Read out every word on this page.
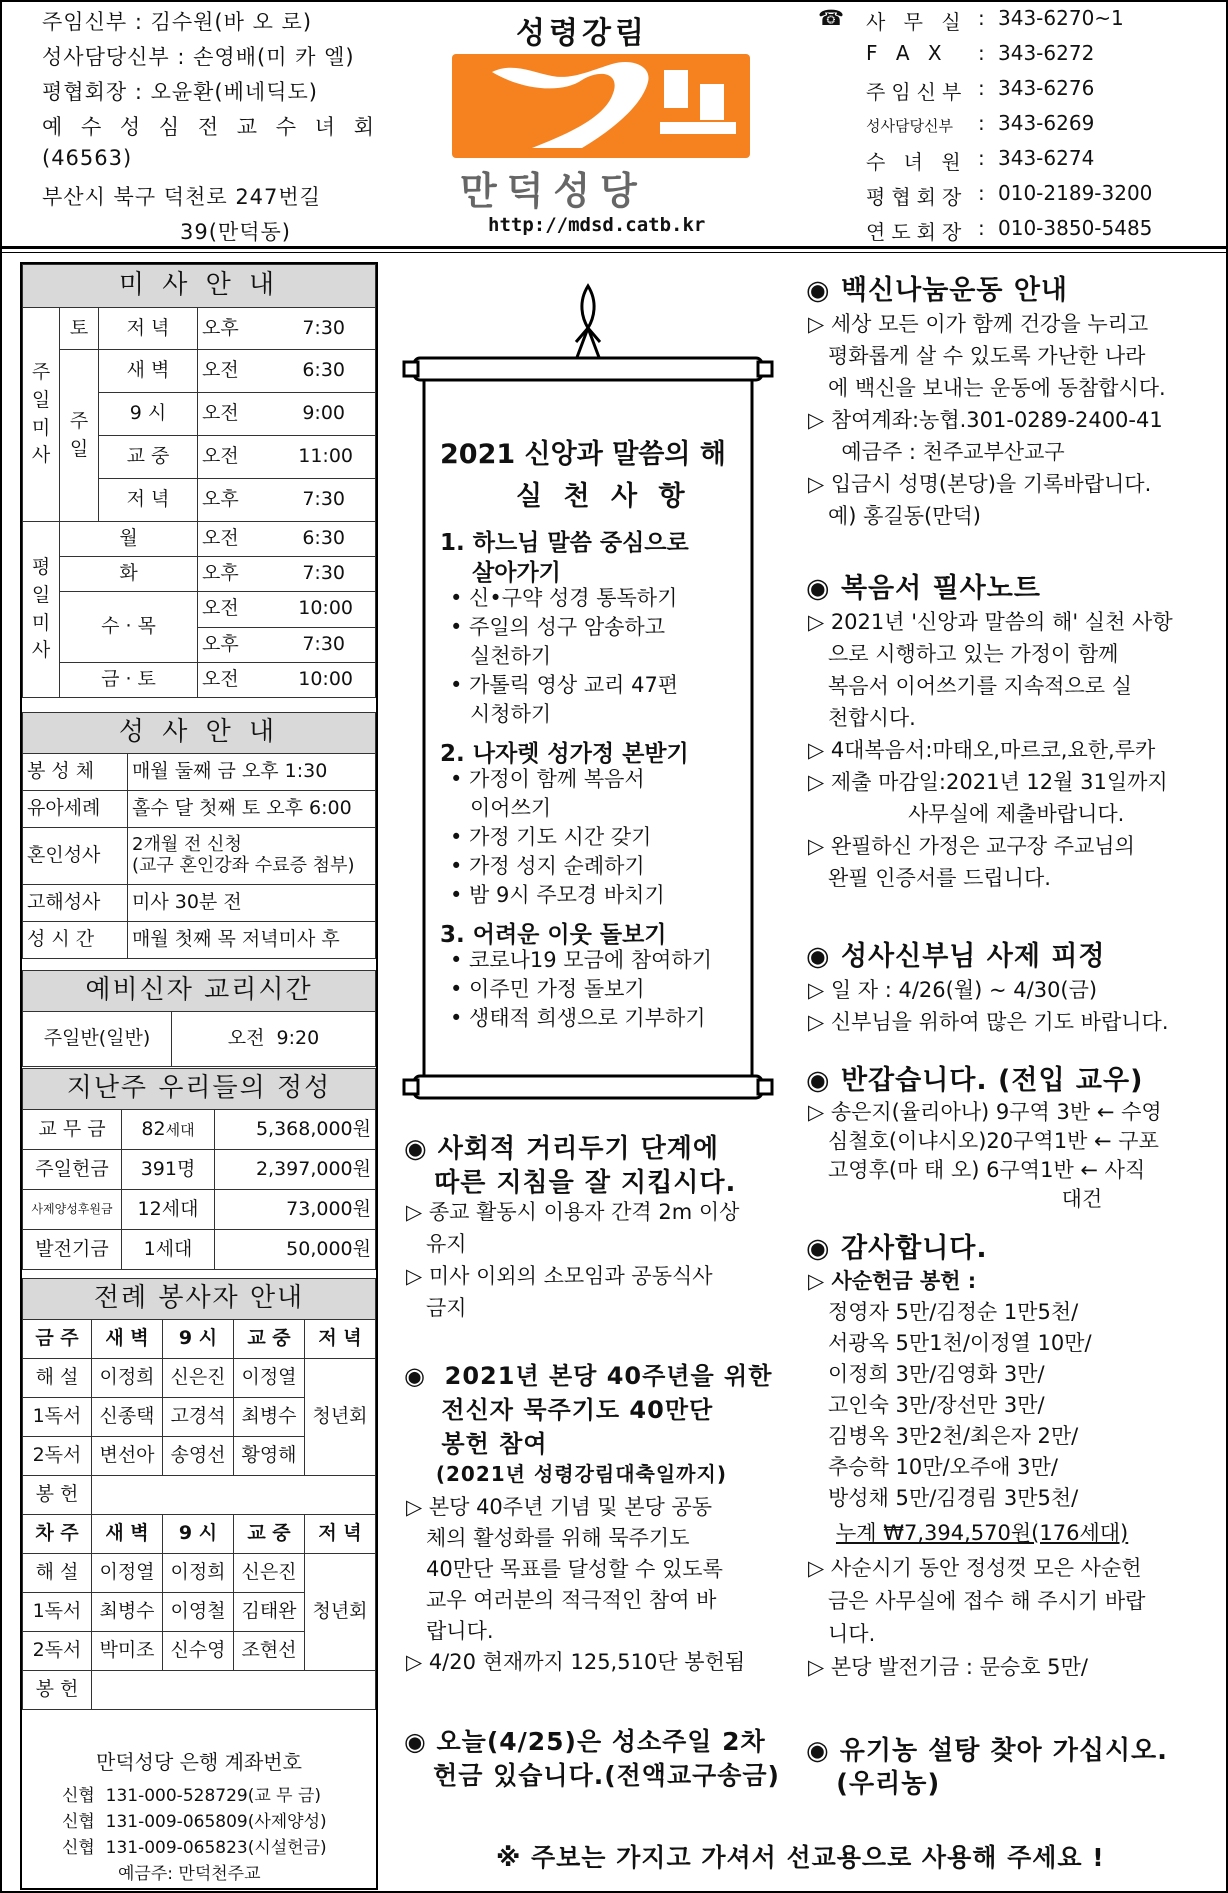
주임신부 : 김수원(바 오 로)
성사담당신부 : 손영배(미 카 엘)
평협회장 : 오윤환(베네딕도)
예 수 성 심 전 교 수 녀 회
(46563)
부산시 북구 덕천로 247번길
39(만덕동)
성령강림
만덕성당
http://mdsd.catb.kr
☎ 사 무 실 : 343-6270~1
F A X : 343-6272
주임신부 : 343-6276
성사담당신부 : 343-6269
수 녀 원 : 343-6274
평협회장 : 010-2189-3200
연도회장 : 010-3850-5485
미 사 안 내			

주일미사	토	저 녁	오후 7:30

	주일	새 벽	오전 6:30

		9 시	오전 9:00

		교 중	오전 11:00

		저 녁	오후 7:30

평일미사	월		오전 6:30

	화		오후 7:30

	수 · 목		오전 10:00

			오후 7:30

	금 · 토		오전 10:00
성 사 안 내	
봉 성 체	매월 둘째 금 오후 1:30
유아세례	홀수 달 첫째 토 오후 6:00
혼인성사	2개월 전 신청
(교구 혼인강좌 수료증 첨부)
고해성사	미사 30분 전
성 시 간	매월 첫째 목 저녁미사 후
예비신자 교리시간
주일반(일반)	오전  9:20
지난주 우리들의 정성		
교 무 금	82세대	5,368,000원
주일헌금	391명	2,397,000원
사제양성후원금	12세대	73,000원
발전기금	1세대	50,000원
전례 봉사자 안내				
금 주	새 벽	9 시	교 중	저 녁
해 설	이정희	신은진	이정열	청년회
1독서	신종택	고경석	최병수	
2독서	변선아	송영선	황영해	
봉 헌				
차 주	새 벽	9 시	교 중	저 녁
해 설	이정열	이정희	신은진	청년회
1독서	최병수	이영철	김태완	
2독서	박미조	신수영	조현선	
봉 헌				
만덕성당 은행 계좌번호
신협  131-000-528729(교 무 금)
신협  131-009-065809(사제양성)
신협  131-009-065823(시설헌금)
예금주: 만덕천주교
2021 신앙과 말씀의 해
실 천 사 항
1. 하느님 말씀 중심으로
살아가기
• 신•구약 성경 통독하기
• 주일의 성구 암송하고
실천하기
• 가톨릭 영상 교리 47편
시청하기
2. 나자렛 성가정 본받기
• 가정이 함께 복음서
이어쓰기
• 가정 기도 시간 갖기
• 가정 성지 순례하기
• 밤 9시 주모경 바치기
3. 어려운 이웃 돌보기
• 코로나19 모금에 참여하기
• 이주민 가정 돌보기
• 생태적 희생으로 기부하기
◉ 사회적 거리두기 단계에
따른 지침을 잘 지킵시다.
▷ 종교 활동시 이용자 간격 2m 이상
유지
▷ 미사 이외의 소모임과 공동식사
금지
◉  2021년 본당 40주년을 위한
전신자 묵주기도 40만단
봉헌 참여
(2021년 성령강림대축일까지)
▷ 본당 40주년 기념 및 본당 공동
체의 활성화를 위해 묵주기도
40만단 목표를 달성할 수 있도록
교우 여러분의 적극적인 참여 바
랍니다.
▷ 4/20 현재까지 125,510단 봉헌됨
◉ 오늘(4/25)은 성소주일 2차
헌금 있습니다.(전액교구송금)
◉ 백신나눔운동 안내
▷ 세상 모든 이가 함께 건강을 누리고
평화롭게 살 수 있도록 가난한 나라
에 백신을 보내는 운동에 동참합시다.
▷ 참여계좌:농협.301-0289-2400-41
예금주 : 천주교부산교구
▷ 입금시 성명(본당)을 기록바랍니다.
예) 홍길동(만덕)
◉ 복음서 필사노트
▷ 2021년 '신앙과 말씀의 해' 실천 사항
으로 시행하고 있는 가정이 함께
복음서 이어쓰기를 지속적으로 실
천합시다.
▷ 4대복음서:마태오,마르코,요한,루카
▷ 제출 마감일:2021년 12월 31일까지
사무실에 제출바랍니다.
▷ 완필하신 가정은 교구장 주교님의
완필 인증서를 드립니다.
◉ 성사신부님 사제 피정
▷ 일 자 : 4/26(월) ~ 4/30(금)
▷ 신부님을 위하여 많은 기도 바랍니다.
◉ 반갑습니다. (전입 교우)
▷ 송은지(율리아나) 9구역 3반 ← 수영
심철호(이냐시오)20구역1반 ← 구포
고영후(마 태 오) 6구역1반 ← 사직
대건
◉ 감사합니다.
▷ 사순헌금 봉헌 :
정영자 5만/김정순 1만5천/
서광옥 5만1천/이정열 10만/
이정희 3만/김영화 3만/
고인숙 3만/장선만 3만/
김병옥 3만2천/최은자 2만/
추승학 10만/오주애 3만/
방성채 5만/김경림 3만5천/
누계 ₩7,394,570원(176세대)
▷ 사순시기 동안 정성껏 모은 사순헌
금은 사무실에 접수 해 주시기 바랍
니다.
▷ 본당 발전기금 : 문승호 5만/
◉ 유기농 설탕 찾아 가십시오.
(우리농)
※ 주보는 가지고 가셔서 선교용으로 사용해 주세요 !
